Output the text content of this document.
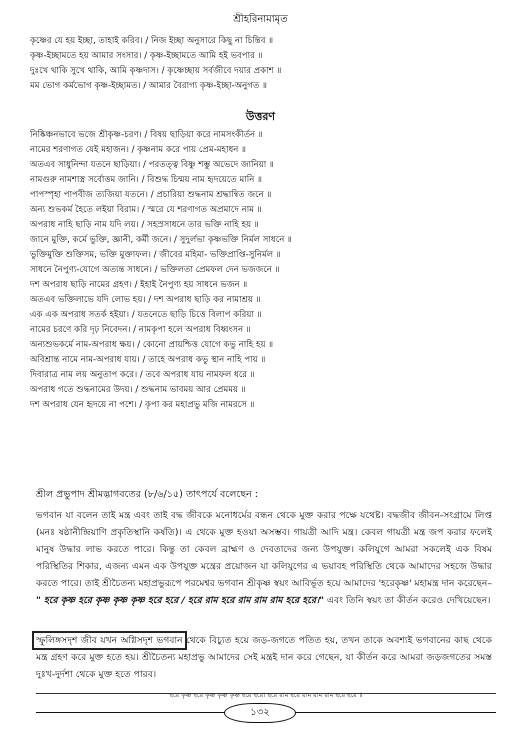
শ্রীহরিনামামৃত
কৃষ্ণের যে হয় ইচ্ছা, তাহাই করিব। / নিজ ইচ্ছা অনুসারে কিছু না চিন্তিব ॥
কৃষ্ণ-ইচ্ছামতে হয় আমার সংসার। / কৃষ্ণ-ইচ্ছামতে আমি হই ভবপার ॥
দুঃখে থাকি সুখে থাকি, আমি কৃষ্ণদাস। / কৃষ্ণেচ্ছায় সর্বজীবে দয়ার প্রকাশ ॥
মম ভোগ কর্মভোগ কৃষ্ণ-ইচ্ছামত। / আমার বৈরাগ্য কৃষ্ণ-ইচ্ছা-অনুগত ॥
উত্তরণ
নিষ্কিঞ্চনভাবে ভজে শ্রীকৃষ্ণ-চরণ। / বিষয় ছাড়িয়া করে নামসংকীর্তন ॥
নামের শরণাগত যেই মহাজন। / কৃষ্ণনাম করে পায় প্রেম-মহাধন ॥
অতএব সাধুনিন্দা যতনে ছাড়িয়া। / পরতত্ত্ব বিষ্ণু শম্ভু অভেদে জানিয়া ॥
নামগুরু নামশাস্ত্র সর্বোত্তম জানি। / বিশুদ্ধ চিন্ময় নাম হৃদয়েতে মানি ॥
পাপস্পৃহা পাপবীজ ত্যজিয়া যতনে। / প্রচারিয়া শুদ্ধনাম শ্রদ্ধান্বিত জনে ॥
অন্য শুভকর্ম হৈতে লইয়া বিরাম। / স্মরে যে শরণাগত অপ্রমাদে নাম ॥
অপরাধ নাহি ছাড়ি নাম যদি লয়। / সহস্রসাধনে তার ভক্তি নাহি হয় ॥
জানে মুক্তি, কর্মে ভুক্তি, জ্ঞানী, কর্মী জনে। / সুদুর্লভা কৃষ্ণভক্তি নির্মল সাধনে ॥
ভুক্তিমুক্তি শুক্তিসম, ভক্তি মুক্তাফল। / জীবের মহিমা- ভক্তিপ্রাপ্তি-সুনির্মল ॥
সাধনে নৈপুণ্য-যোগে অত্যন্ত সাধনে। / ভক্তিলতা প্রেমফল দেন ভজজনে ॥
দশ অপরাধ ছাড়ি নামের গ্রহণ। / ইহাই নৈপুণ্য হয় সাধনে ভজন ॥
অতএব ভক্তিলাভে যদি লোভ হয়। / দশ অপরাধ ছাড়ি কর নামাশ্রয় ॥
এক এক অপরাধ সতর্ক হইয়া। / যতনেতে ছাড়ি চিত্তে বিলাপ করিয়া ॥
নামের চরণে করি দৃঢ় নিবেদন। / নামকৃপা হলে অপরাধ বিধ্বংসন ॥
অন্যশুভকর্মে নাম-অপরাধ ক্ষয়। / কোনো প্রায়শ্চিত্ত যোগে কভু নাহি হয় ॥
অবিশ্রান্ত নামে নাম-অপরাধ যায়। / তাহে অপরাধ কভু স্থান নাহি পায় ॥
দিবারাত্র নাম লয় অনুতাপ করে। / তবে অপরাধ যায় নামফল ধরে ॥
অপরাধ গতে শুদ্ধনামের উদয়। / শুদ্ধনাম ভাবময় আর প্রেমময় ॥
দশ অপরাধ যেন হৃদয়ে না পশে। / কৃপা কর মহাপ্রভু মজি নামরসে ॥
শ্রীল প্রভুপাদ শ্রীমদ্ভাগবতের (৮/৬/১৫) তাৎপর্যে বলেছেন :
ভগবান যা বলেন তাই মন্ত্র এবং তাই বদ্ধ জীবকে মনোধর্মের বন্ধন থেকে মুক্ত করার পক্ষে যথেষ্ট। বদ্ধজীব জীবন-সংগ্রামে লিপ্ত (মনঃ ষষ্ঠানীন্দ্রিয়াণি প্রকৃতিস্থানি কর্ষতি)। এ থেকে মুক্ত হওয়া অসম্ভব। গায়ত্রী আদি মন্ত্র। কেবল গায়ত্রী মন্ত্র জপ করার ফলেই মানুষ উদ্ধার লাভ করতে পারে। কিন্তু তা কেবল ব্রাহ্মণ ও দেবতাদের জন্য উপযুক্ত। কলিযুগে আমরা সকলেই এক বিষম পরিস্থিতির শিকার, এজন্য এমন এক উপযুক্ত মন্ত্রের প্রয়োজন যা কলিযুগের এ ভয়াবহ পরিস্থিতি থেকে আমাদের সহজে উদ্ধার করতে পারে। তাই শ্রীচৈতন্য মহাপ্রভুরূপে পরমেশ্বর ভগবান শ্রীকৃষ্ণ স্বয়ং আবির্ভূত হয়ে আমাদের 'হরেকৃষ্ণ' মহামন্ত্র দান করেছেন– " হরে কৃষ্ণ হরে কৃষ্ণ কৃষ্ণ কৃষ্ণ হরে হরে / হরে রাম হরে রাম রাম রাম হরে হরে।" এবং তিনি স্বয়ং তা কীর্তন করেও দেখিয়েছেন।
স্ফুলিঙ্গসদৃশ জীব যখন অগ্নিসদৃশ ভগবান থেকে বিচ্যুত হয়ে জড়-জগতে পতিত হয়, তখন তাকে অবশ্যই ভগবানের কাছ থেকে মন্ত্র গ্রহণ করে মুক্ত হতে হয়। শ্রীচৈতন্য মহাপ্রভু আমাদের সেই মন্ত্রই দান করে গেছেন, যা কীর্তন করে আমরা জড়জগতের সমস্ত দুঃখ-দুর্দশা থেকে মুক্ত হতে পারব।
হরে কৃষ্ণ হরে কৃষ্ণ কৃষ্ণ কৃষ্ণ হরে হরে। হরে রাম হরে রাম রাম রাম হরে হরে ॥
১৩২
